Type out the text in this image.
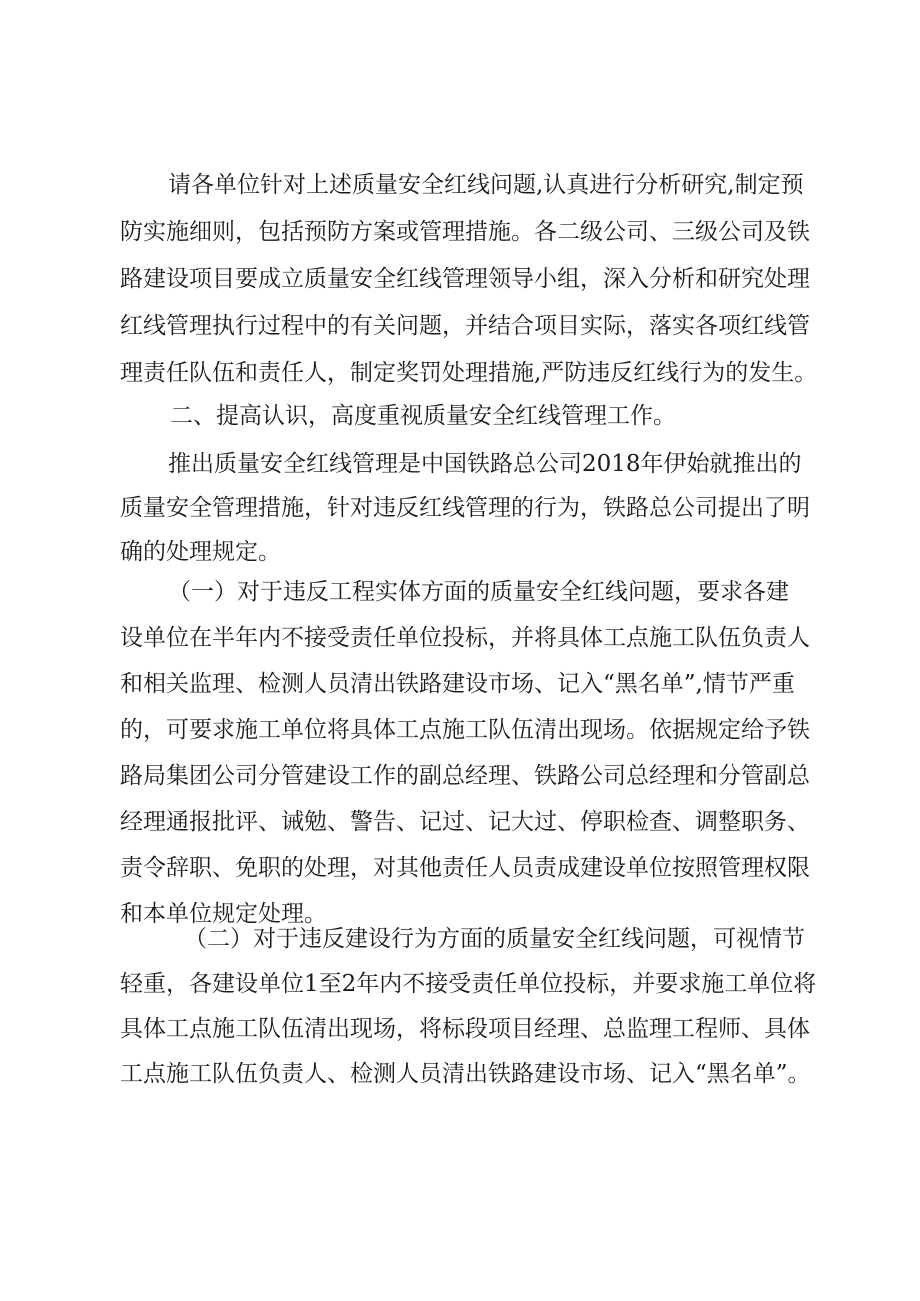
请各单位针对上述质量安全红线问题,认真进行分析研究,制定预
防实施细则，包括预防方案或管理措施。各二级公司、三级公司及铁
路建设项目要成立质量安全红线管理领导小组，深入分析和研究处理
红线管理执行过程中的有关问题，并结合项目实际，落实各项红线管
理责任队伍和责任人，制定奖罚处理措施,严防违反红线行为的发生。
二、提高认识，高度重视质量安全红线管理工作。
推出质量安全红线管理是中国铁路总公司2018年伊始就推出的
质量安全管理措施，针对违反红线管理的行为，铁路总公司提出了明
确的处理规定。
（一）对于违反工程实体方面的质量安全红线问题，要求各建
设单位在半年内不接受责任单位投标，并将具体工点施工队伍负责人
和相关监理、检测人员清出铁路建设市场、记入“黑名单”,情节严重
的，可要求施工单位将具体工点施工队伍清出现场。依据规定给予铁
路局集团公司分管建设工作的副总经理、铁路公司总经理和分管副总
经理通报批评、诫勉、警告、记过、记大过、停职检查、调整职务、
责令辞职、免职的处理，对其他责任人员责成建设单位按照管理权限
和本单位规定处理。
（二）对于违反建设行为方面的质量安全红线问题，可视情节
轻重，各建设单位1至2年内不接受责任单位投标，并要求施工单位将
具体工点施工队伍清出现场，将标段项目经理、总监理工程师、具体
工点施工队伍负责人、检测人员清出铁路建设市场、记入“黑名单”。
